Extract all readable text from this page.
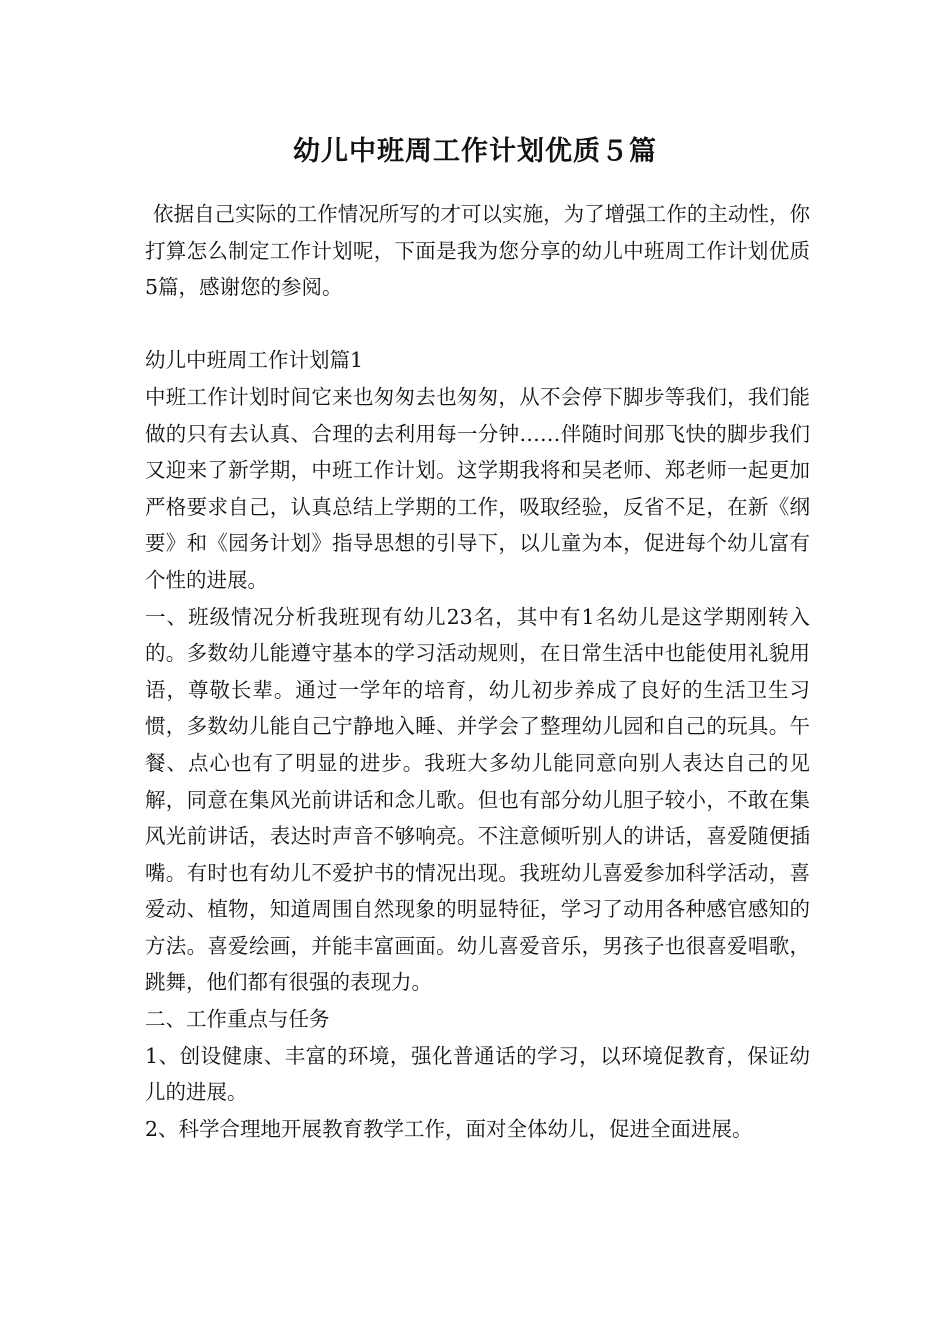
幼儿中班周工作计划优质５篇

依据自己实际的工作情况所写的才可以实施，为了增强工作的主动性，你打算怎么制定工作计划呢，下面是我为您分享的幼儿中班周工作计划优质5篇，感谢您的参阅。

幼儿中班周工作计划篇1

中班工作计划时间它来也匆匆去也匆匆，从不会停下脚步等我们，我们能做的只有去认真、合理的去利用每一分钟……伴随时间那飞快的脚步我们又迎来了新学期，中班工作计划。这学期我将和吴老师、郑老师一起更加严格要求自己，认真总结上学期的工作，吸取经验，反省不足，在新《纲要》和《园务计划》指导思想的引导下，以儿童为本，促进每个幼儿富有个性的进展。

一、班级情况分析我班现有幼儿23名，其中有1名幼儿是这学期刚转入的。多数幼儿能遵守基本的学习活动规则，在日常生活中也能使用礼貌用语，尊敬长辈。通过一学年的培育，幼儿初步养成了良好的生活卫生习惯，多数幼儿能自己宁静地入睡、并学会了整理幼儿园和自己的玩具。午餐、点心也有了明显的进步。我班大多幼儿能同意向别人表达自己的见解，同意在集风光前讲话和念儿歌。但也有部分幼儿胆子较小，不敢在集风光前讲话，表达时声音不够响亮。不注意倾听别人的讲话，喜爱随便插嘴。有时也有幼儿不爱护书的情况出现。我班幼儿喜爱参加科学活动，喜爱动、植物，知道周围自然现象的明显特征，学习了动用各种感官感知的方法。喜爱绘画，并能丰富画面。幼儿喜爱音乐，男孩子也很喜爱唱歌，跳舞，他们都有很强的表现力。

二、工作重点与任务

1、创设健康、丰富的环境，强化普通话的学习，以环境促教育，保证幼儿的进展。

2、科学合理地开展教育教学工作，面对全体幼儿，促进全面进展。
